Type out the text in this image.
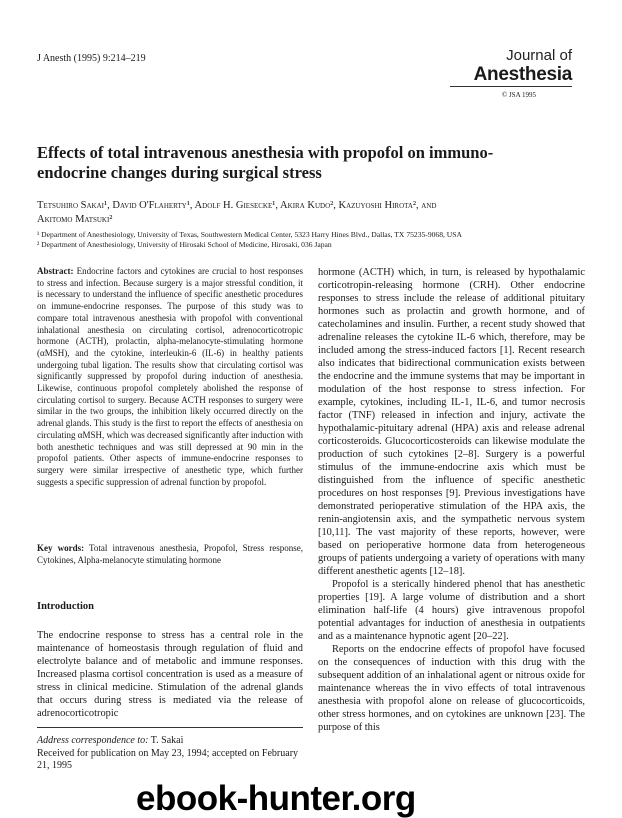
J Anesth (1995) 9:214–219	Journal of
Anesthesia
© JSA 1995
Effects of total intravenous anesthesia with propofol on immuno-endocrine changes during surgical stress
Tetsuhiro Sakai¹, David O'Flaherty¹, Adolf H. Giesecke¹, Akira Kudo², Kazuyoshi Hirota², and
Akitomo Matsuki²
¹ Department of Anesthesiology, University of Texas, Southwestern Medical Center, 5323 Harry Hines Blvd., Dallas, TX 75235-9068, USA
² Department of Anesthesiology, University of Hirosaki School of Medicine, Hirosaki, 036 Japan
Abstract: Endocrine factors and cytokines are crucial to host responses to stress and infection. Because surgery is a major stressful condition, it is necessary to understand the influence of specific anesthetic procedures on immune-endocrine responses. The purpose of this study was to compare total intravenous anesthesia with propofol with conventional inhalational anesthesia on circulating cortisol, adrenocorticotropic hormone (ACTH), prolactin, alpha-melanocyte-stimulating hormone (αMSH), and the cytokine, interleukin-6 (IL-6) in healthy patients undergoing tubal ligation. The results show that circulating cortisol was significantly suppressed by propofol during induction of anesthesia. Likewise, continuous propofol completely abolished the response of circulating cortisol to surgery. Because ACTH responses to surgery were similar in the two groups, the inhibition likely occurred directly on the adrenal glands. This study is the first to report the effects of anesthesia on circulating αMSH, which was decreased significantly after induction with both anesthetic techniques and was still depressed at 90 min in the propofol patients. Other aspects of immune-endocrine responses to surgery were similar irrespective of anesthetic type, which further suggests a specific suppression of adrenal function by propofol.
Key words: Total intravenous anesthesia, Propofol, Stress response, Cytokines, Alpha-melanocyte stimulating hormone
Introduction
The endocrine response to stress has a central role in the maintenance of homeostasis through regulation of fluid and electrolyte balance and of metabolic and immune responses. Increased plasma cortisol concentration is used as a measure of stress in clinical medicine. Stimulation of the adrenal glands that occurs during stress is mediated via the release of adrenocorticotropic
Address correspondence to: T. Sakai
Received for publication on May 23, 1994; accepted on February 21, 1995

hormone (ACTH) which, in turn, is released by hypothalamic corticotropin-releasing hormone (CRH). Other endocrine responses to stress include the release of additional pituitary hormones such as prolactin and growth hormone, and of catecholamines and insulin. Further, a recent study showed that adrenaline releases the cytokine IL-6 which, therefore, may be included among the stress-induced factors [1]. Recent research also indicates that bidirectional communication exists between the endocrine and the immune systems that may be important in modulation of the host response to stress infection. For example, cytokines, including IL-1, IL-6, and tumor necrosis factor (TNF) released in infection and injury, activate the hypothalamic-pituitary adrenal (HPA) axis and release adrenal corticosteroids. Glucocorticosteroids can likewise modulate the production of such cytokines [2–8]. Surgery is a powerful stimulus of the immune-endocrine axis which must be distinguished from the influence of specific anesthetic procedures on host responses [9]. Previous investigations have demonstrated perioperative stimulation of the HPA axis, the renin-angiotensin axis, and the sympathetic nervous system [10,11]. The vast majority of these reports, however, were based on perioperative hormone data from heterogeneous groups of patients undergoing a variety of operations with many different anesthetic agents [12–18].

Propofol is a sterically hindered phenol that has anesthetic properties [19]. A large volume of distribution and a short elimination half-life (4 hours) give intravenous propofol potential advantages for induction of anesthesia in outpatients and as a maintenance hypnotic agent [20–22].

Reports on the endocrine effects of propofol have focused on the consequences of induction with this drug with the subsequent addition of an inhalational agent or nitrous oxide for maintenance whereas the in vivo effects of total intravenous anesthesia with propofol alone on release of glucocorticoids, other stress hormones, and on cytokines are unknown [23]. The purpose of this

ebook-hunter.org
